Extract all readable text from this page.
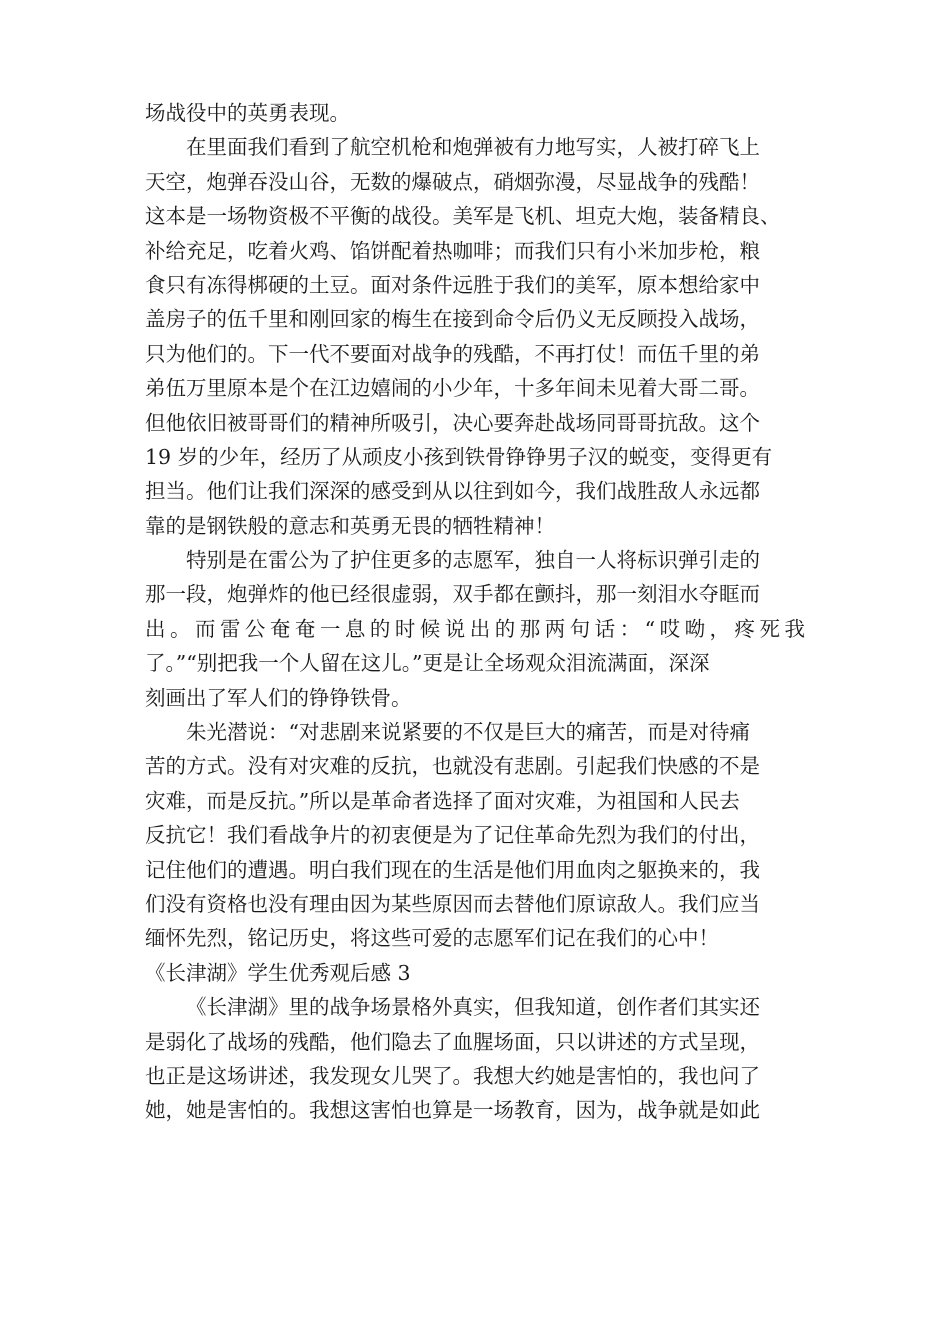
场战役中的英勇表现。
在里面我们看到了航空机枪和炮弹被有力地写实，人被打碎飞上
天空，炮弹吞没山谷，无数的爆破点，硝烟弥漫，尽显战争的残酷！
这本是一场物资极不平衡的战役。美军是飞机、坦克大炮，装备精良、
补给充足，吃着火鸡、馅饼配着热咖啡；而我们只有小米加步枪，粮
食只有冻得梆硬的土豆。面对条件远胜于我们的美军，原本想给家中
盖房子的伍千里和刚回家的梅生在接到命令后仍义无反顾投入战场，
只为他们的。下一代不要面对战争的残酷，不再打仗！而伍千里的弟
弟伍万里原本是个在江边嬉闹的小少年，十多年间未见着大哥二哥。
但他依旧被哥哥们的精神所吸引，决心要奔赴战场同哥哥抗敌。这个
19 岁的少年，经历了从顽皮小孩到铁骨铮铮男子汉的蜕变，变得更有
担当。他们让我们深深的感受到从以往到如今，我们战胜敌人永远都
靠的是钢铁般的意志和英勇无畏的牺牲精神！
特别是在雷公为了护住更多的志愿军，独自一人将标识弹引走的
那一段，炮弹炸的他已经很虚弱，双手都在颤抖，那一刻泪水夺眶而
出。而雷公奄奄一息的时候说出的那两句话：“哎呦，疼死我
了。”“别把我一个人留在这儿。”更是让全场观众泪流满面，深深
刻画出了军人们的铮铮铁骨。
朱光潜说：“对悲剧来说紧要的不仅是巨大的痛苦，而是对待痛
苦的方式。没有对灾难的反抗，也就没有悲剧。引起我们快感的不是
灾难，而是反抗。”所以是革命者选择了面对灾难，为祖国和人民去
反抗它！我们看战争片的初衷便是为了记住革命先烈为我们的付出，
记住他们的遭遇。明白我们现在的生活是他们用血肉之躯换来的，我
们没有资格也没有理由因为某些原因而去替他们原谅敌人。我们应当
缅怀先烈，铭记历史，将这些可爱的志愿军们记在我们的心中！
《长津湖》学生优秀观后感 3
《长津湖》里的战争场景格外真实，但我知道，创作者们其实还
是弱化了战场的残酷，他们隐去了血腥场面，只以讲述的方式呈现，
也正是这场讲述，我发现女儿哭了。我想大约她是害怕的，我也问了
她，她是害怕的。我想这害怕也算是一场教育，因为，战争就是如此
